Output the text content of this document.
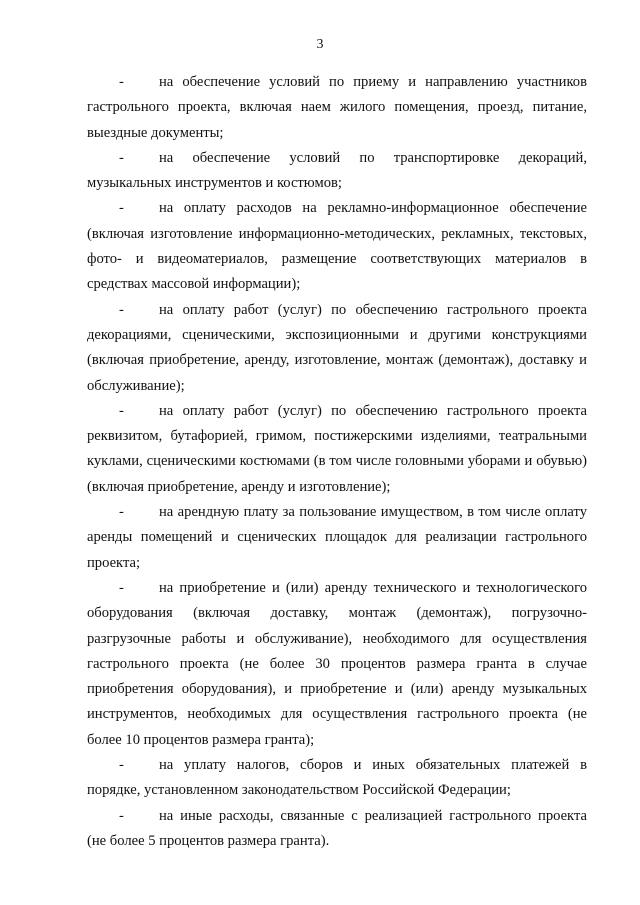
3

- на обеспечение условий по приему и направлению участников гастрольного проекта, включая наем жилого помещения, проезд, питание, выездные документы;

- на обеспечение условий по транспортировке декораций, музыкальных инструментов и костюмов;

- на оплату расходов на рекламно-информационное обеспечение (включая изготовление информационно-методических, рекламных, текстовых, фото- и видеоматериалов, размещение соответствующих материалов в средствах массовой информации);

- на оплату работ (услуг) по обеспечению гастрольного проекта декорациями, сценическими, экспозиционными и другими конструкциями (включая приобретение, аренду, изготовление, монтаж (демонтаж), доставку и обслуживание);

- на оплату работ (услуг) по обеспечению гастрольного проекта реквизитом, бутафорией, гримом, постижерскими изделиями, театральными куклами, сценическими костюмами (в том числе головными уборами и обувью) (включая приобретение, аренду и изготовление);

- на арендную плату за пользование имуществом, в том числе оплату аренды помещений и сценических площадок для реализации гастрольного проекта;

- на приобретение и (или) аренду технического и технологического оборудования (включая доставку, монтаж (демонтаж), погрузочно-разгрузочные работы и обслуживание), необходимого для осуществления гастрольного проекта (не более 30 процентов размера гранта в случае приобретения оборудования), и приобретение и (или) аренду музыкальных инструментов, необходимых для осуществления гастрольного проекта (не более 10 процентов размера гранта);

- на уплату налогов, сборов и иных обязательных платежей в порядке, установленном законодательством Российской Федерации;

- на иные расходы, связанные с реализацией гастрольного проекта (не более 5 процентов размера гранта).
